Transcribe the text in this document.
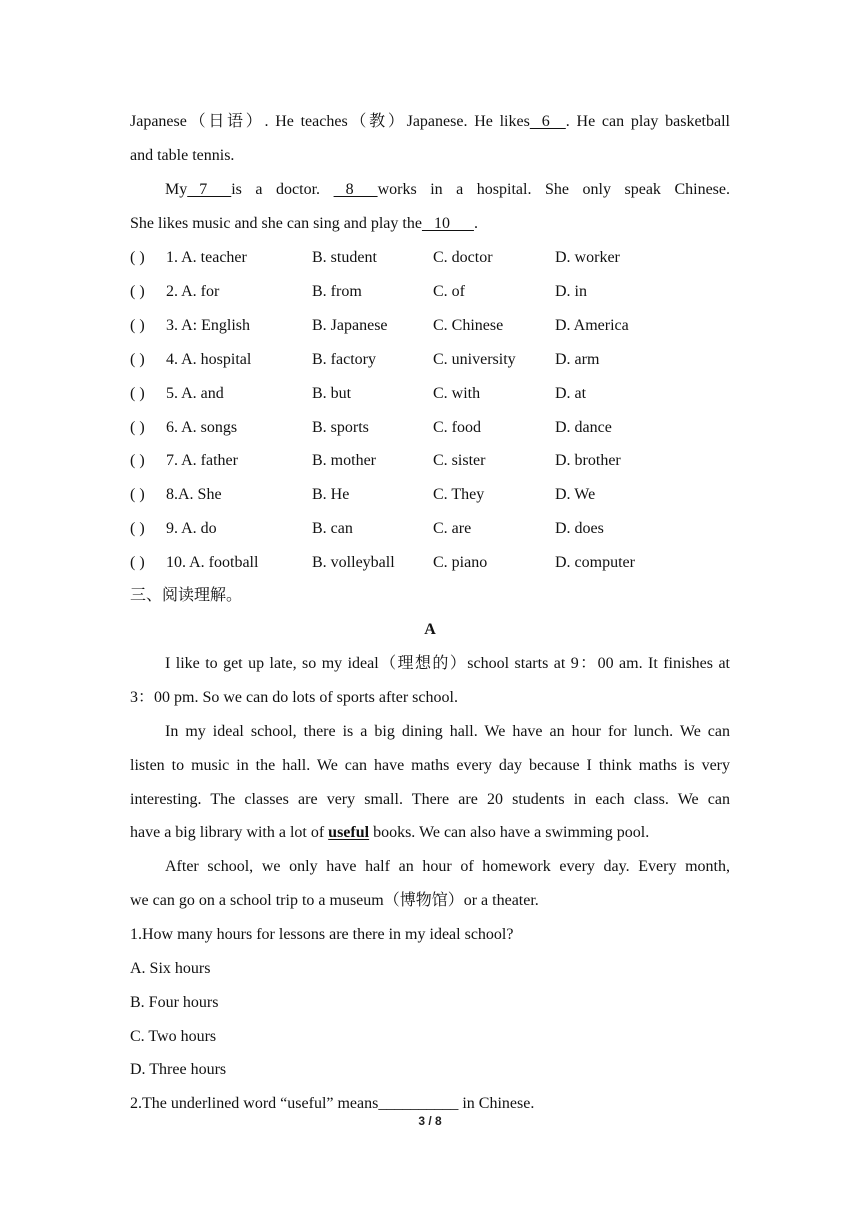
Japanese（日语）. He teaches（教）Japanese. He likes   6    . He can play basketball
and table tennis.
My   7      is a doctor.    8      works in a hospital. She only speak Chinese.
She likes music and she can sing and play the   10      .
( ) 1. A. teacher	B. student	C. doctor	D. worker
( ) 2. A. for	B. from	C. of	D. in
( ) 3. A: English	B. Japanese	C. Chinese	D. America
( ) 4. A. hospital	B. factory	C. university D. arm
( ) 5. A. and	B. but	C. with	D. at
( ) 6. A. songs	B. sports	C. food	D. dance
( ) 7. A. father	B. mother	C. sister	D. brother
( ) 8.A. She	B. He	C. They	D. We
( ) 9. A. do	B. can	C. are	D. does
( ) 10. A. football	B. volleyball C. piano	D. computer
三、阅读理解。
A
I like to get up late, so my ideal（理想的）school starts at 9：00 am. It finishes at
3：00 pm. So we can do lots of sports after school.
In my ideal school, there is a big dining hall. We have an hour for lunch. We can
listen to music in the hall. We can have maths every day because I think maths is very
interesting. The classes are very small. There are 20 students in each class. We can
have a big library with a lot of useful books. We can also have a swimming pool.
After school, we only have half an hour of homework every day. Every month,
we can go on a school trip to a museum（博物馆）or a theater.
1.How many hours for lessons are there in my ideal school?
A. Six hours
B. Four hours
C. Two hours
D. Three hours
2.The underlined word “useful” means__________ in Chinese.
3 / 8
